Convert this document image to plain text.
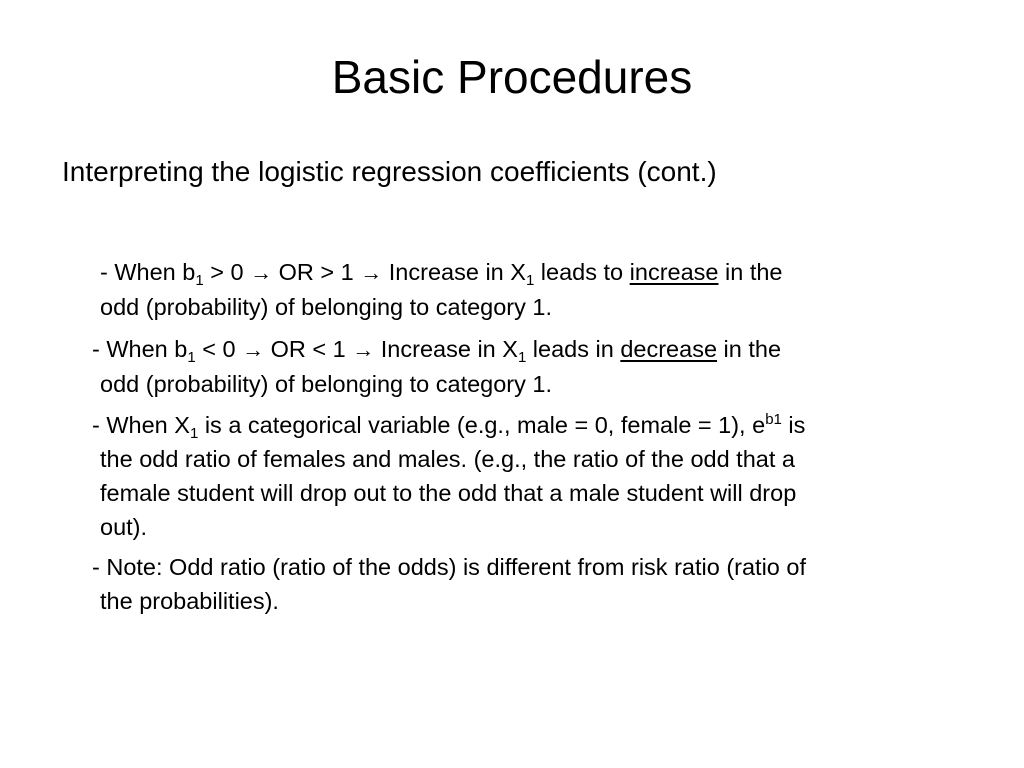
Basic Procedures
Interpreting the logistic regression coefficients (cont.)
- When $b_1 > 0$ → OR > 1 → Increase in $X_1$ leads to increase in the
odd (probability) of belonging to category 1.
- When $b_1 < 0$ → OR < 1 → Increase in $X_1$ leads in decrease in the
odd (probability) of belonging to category 1.
- When $X_1$ is a categorical variable (e.g., male = 0, female = 1), $e^{b1}$ is
the odd ratio of females and males. (e.g., the ratio of the odd that a
female student will drop out to the odd that a male student will drop
out).
- Note: Odd ratio (ratio of the odds) is different from risk ratio (ratio of
the probabilities).
